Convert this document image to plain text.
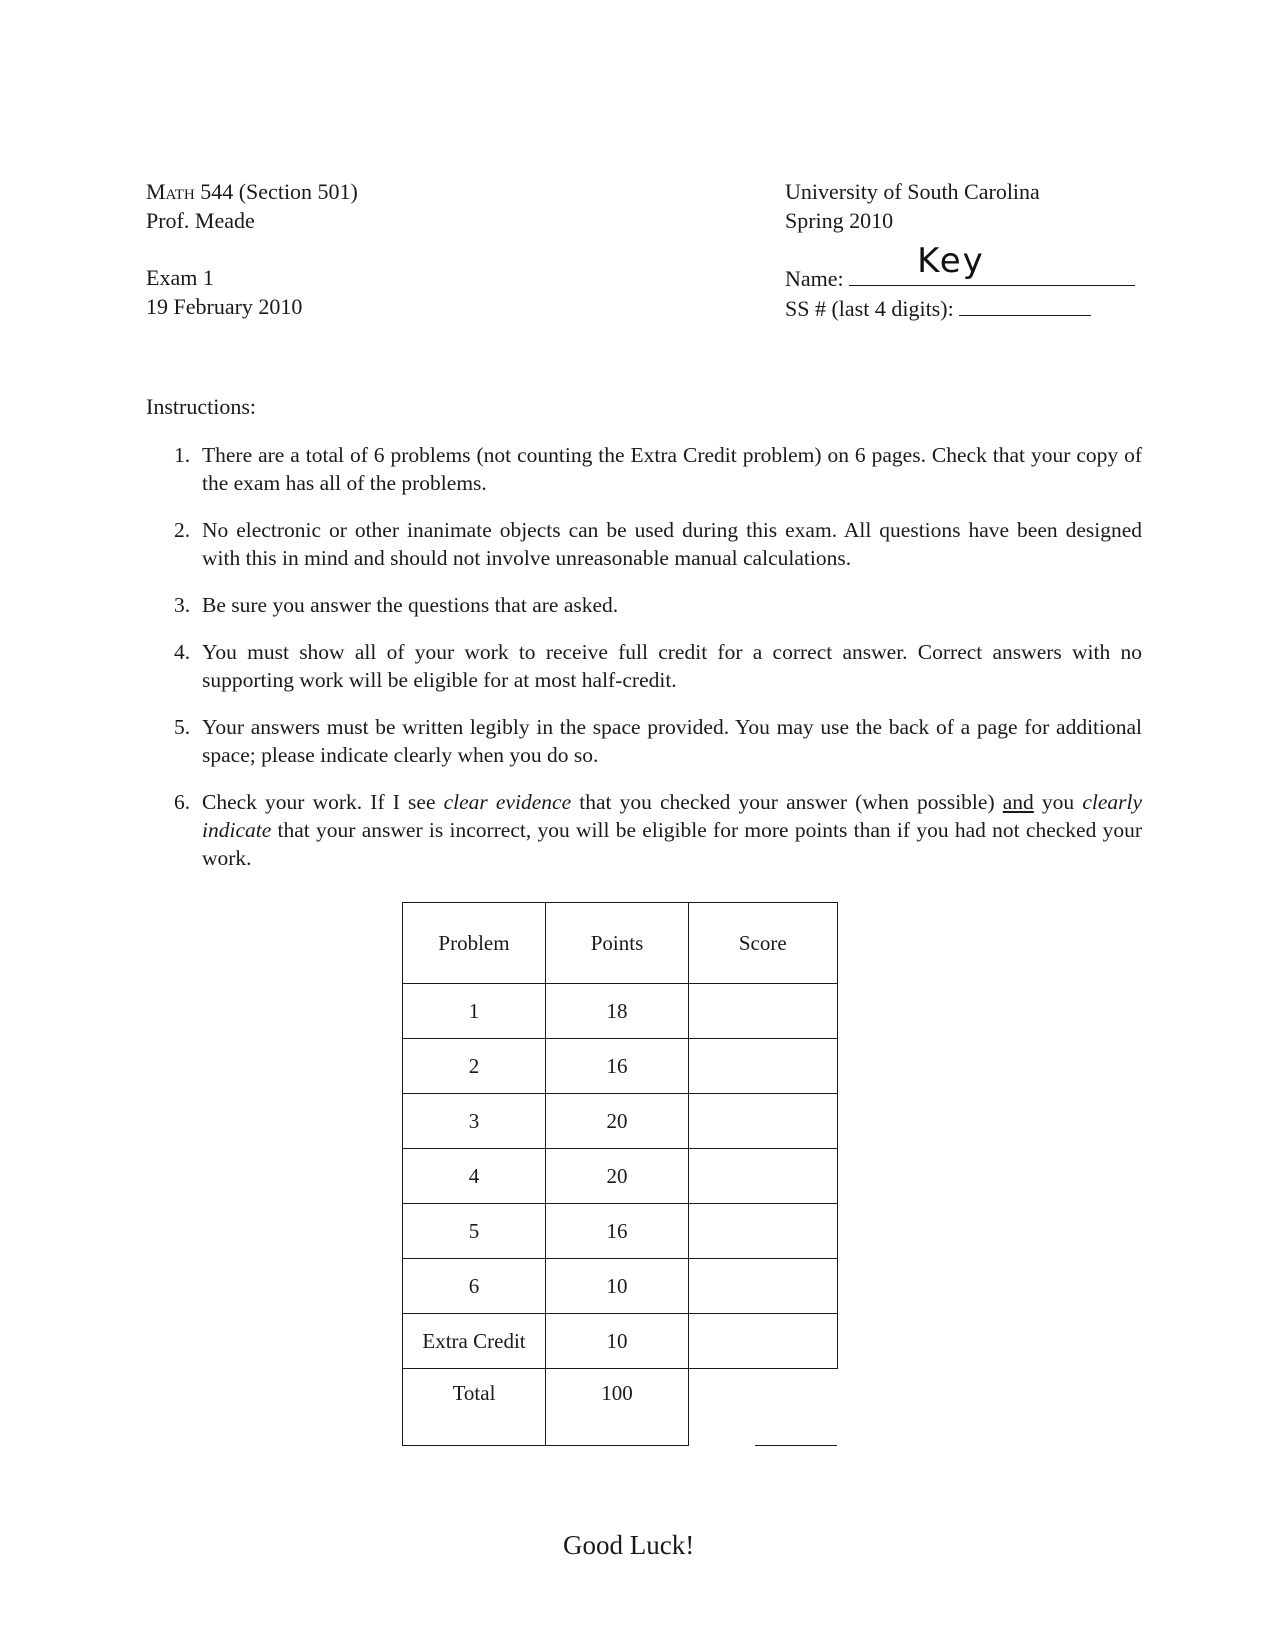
Math 544 (Section 501)
Prof. Meade
Exam 1
19 February 2010
University of South Carolina
Spring 2010
Name: Key
SS # (last 4 digits):
Instructions:
1. There are a total of 6 problems (not counting the Extra Credit problem) on 6 pages. Check that your copy of the exam has all of the problems.
2. No electronic or other inanimate objects can be used during this exam. All questions have been designed with this in mind and should not involve unreasonable manual calculations.
3. Be sure you answer the questions that are asked.
4. You must show all of your work to receive full credit for a correct answer. Correct answers with no supporting work will be eligible for at most half-credit.
5. Your answers must be written legibly in the space provided. You may use the back of a page for additional space; please indicate clearly when you do so.
6. Check your work. If I see clear evidence that you checked your answer (when possible) and you clearly indicate that your answer is incorrect, you will be eligible for more points than if you had not checked your work.
Problem	Points	Score
1	18	
2	16	
3	20	
4	20	
5	16	
6	10	
Extra Credit	10	
Total	100	
Good Luck!
